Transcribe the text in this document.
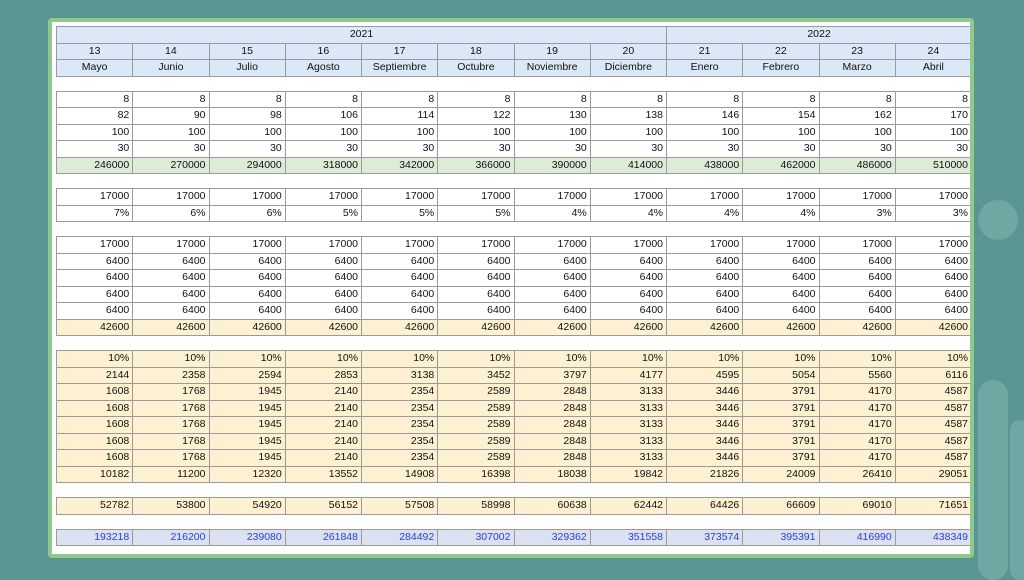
2021								2022			
13	14	15	16	17	18	19	20	21	22	23	24
Mayo	Junio	Julio	Agosto	Septiembre	Octubre	Noviembre	Diciembre	Enero	Febrero	Marzo	Abril

8	8	8	8	8	8	8	8	8	8	8	8
82	90	98	106	114	122	130	138	146	154	162	170
100	100	100	100	100	100	100	100	100	100	100	100
30	30	30	30	30	30	30	30	30	30	30	30
246000	270000	294000	318000	342000	366000	390000	414000	438000	462000	486000	510000

17000	17000	17000	17000	17000	17000	17000	17000	17000	17000	17000	17000
7%	6%	6%	5%	5%	5%	4%	4%	4%	4%	3%	3%

17000	17000	17000	17000	17000	17000	17000	17000	17000	17000	17000	17000
6400	6400	6400	6400	6400	6400	6400	6400	6400	6400	6400	6400
6400	6400	6400	6400	6400	6400	6400	6400	6400	6400	6400	6400
6400	6400	6400	6400	6400	6400	6400	6400	6400	6400	6400	6400
6400	6400	6400	6400	6400	6400	6400	6400	6400	6400	6400	6400
42600	42600	42600	42600	42600	42600	42600	42600	42600	42600	42600	42600

10%	10%	10%	10%	10%	10%	10%	10%	10%	10%	10%	10%
2144	2358	2594	2853	3138	3452	3797	4177	4595	5054	5560	6116
1608	1768	1945	2140	2354	2589	2848	3133	3446	3791	4170	4587
1608	1768	1945	2140	2354	2589	2848	3133	3446	3791	4170	4587
1608	1768	1945	2140	2354	2589	2848	3133	3446	3791	4170	4587
1608	1768	1945	2140	2354	2589	2848	3133	3446	3791	4170	4587
1608	1768	1945	2140	2354	2589	2848	3133	3446	3791	4170	4587
10182	11200	12320	13552	14908	16398	18038	19842	21826	24009	26410	29051

52782	53800	54920	56152	57508	58998	60638	62442	64426	66609	69010	71651

193218	216200	239080	261848	284492	307002	329362	351558	373574	395391	416990	438349
